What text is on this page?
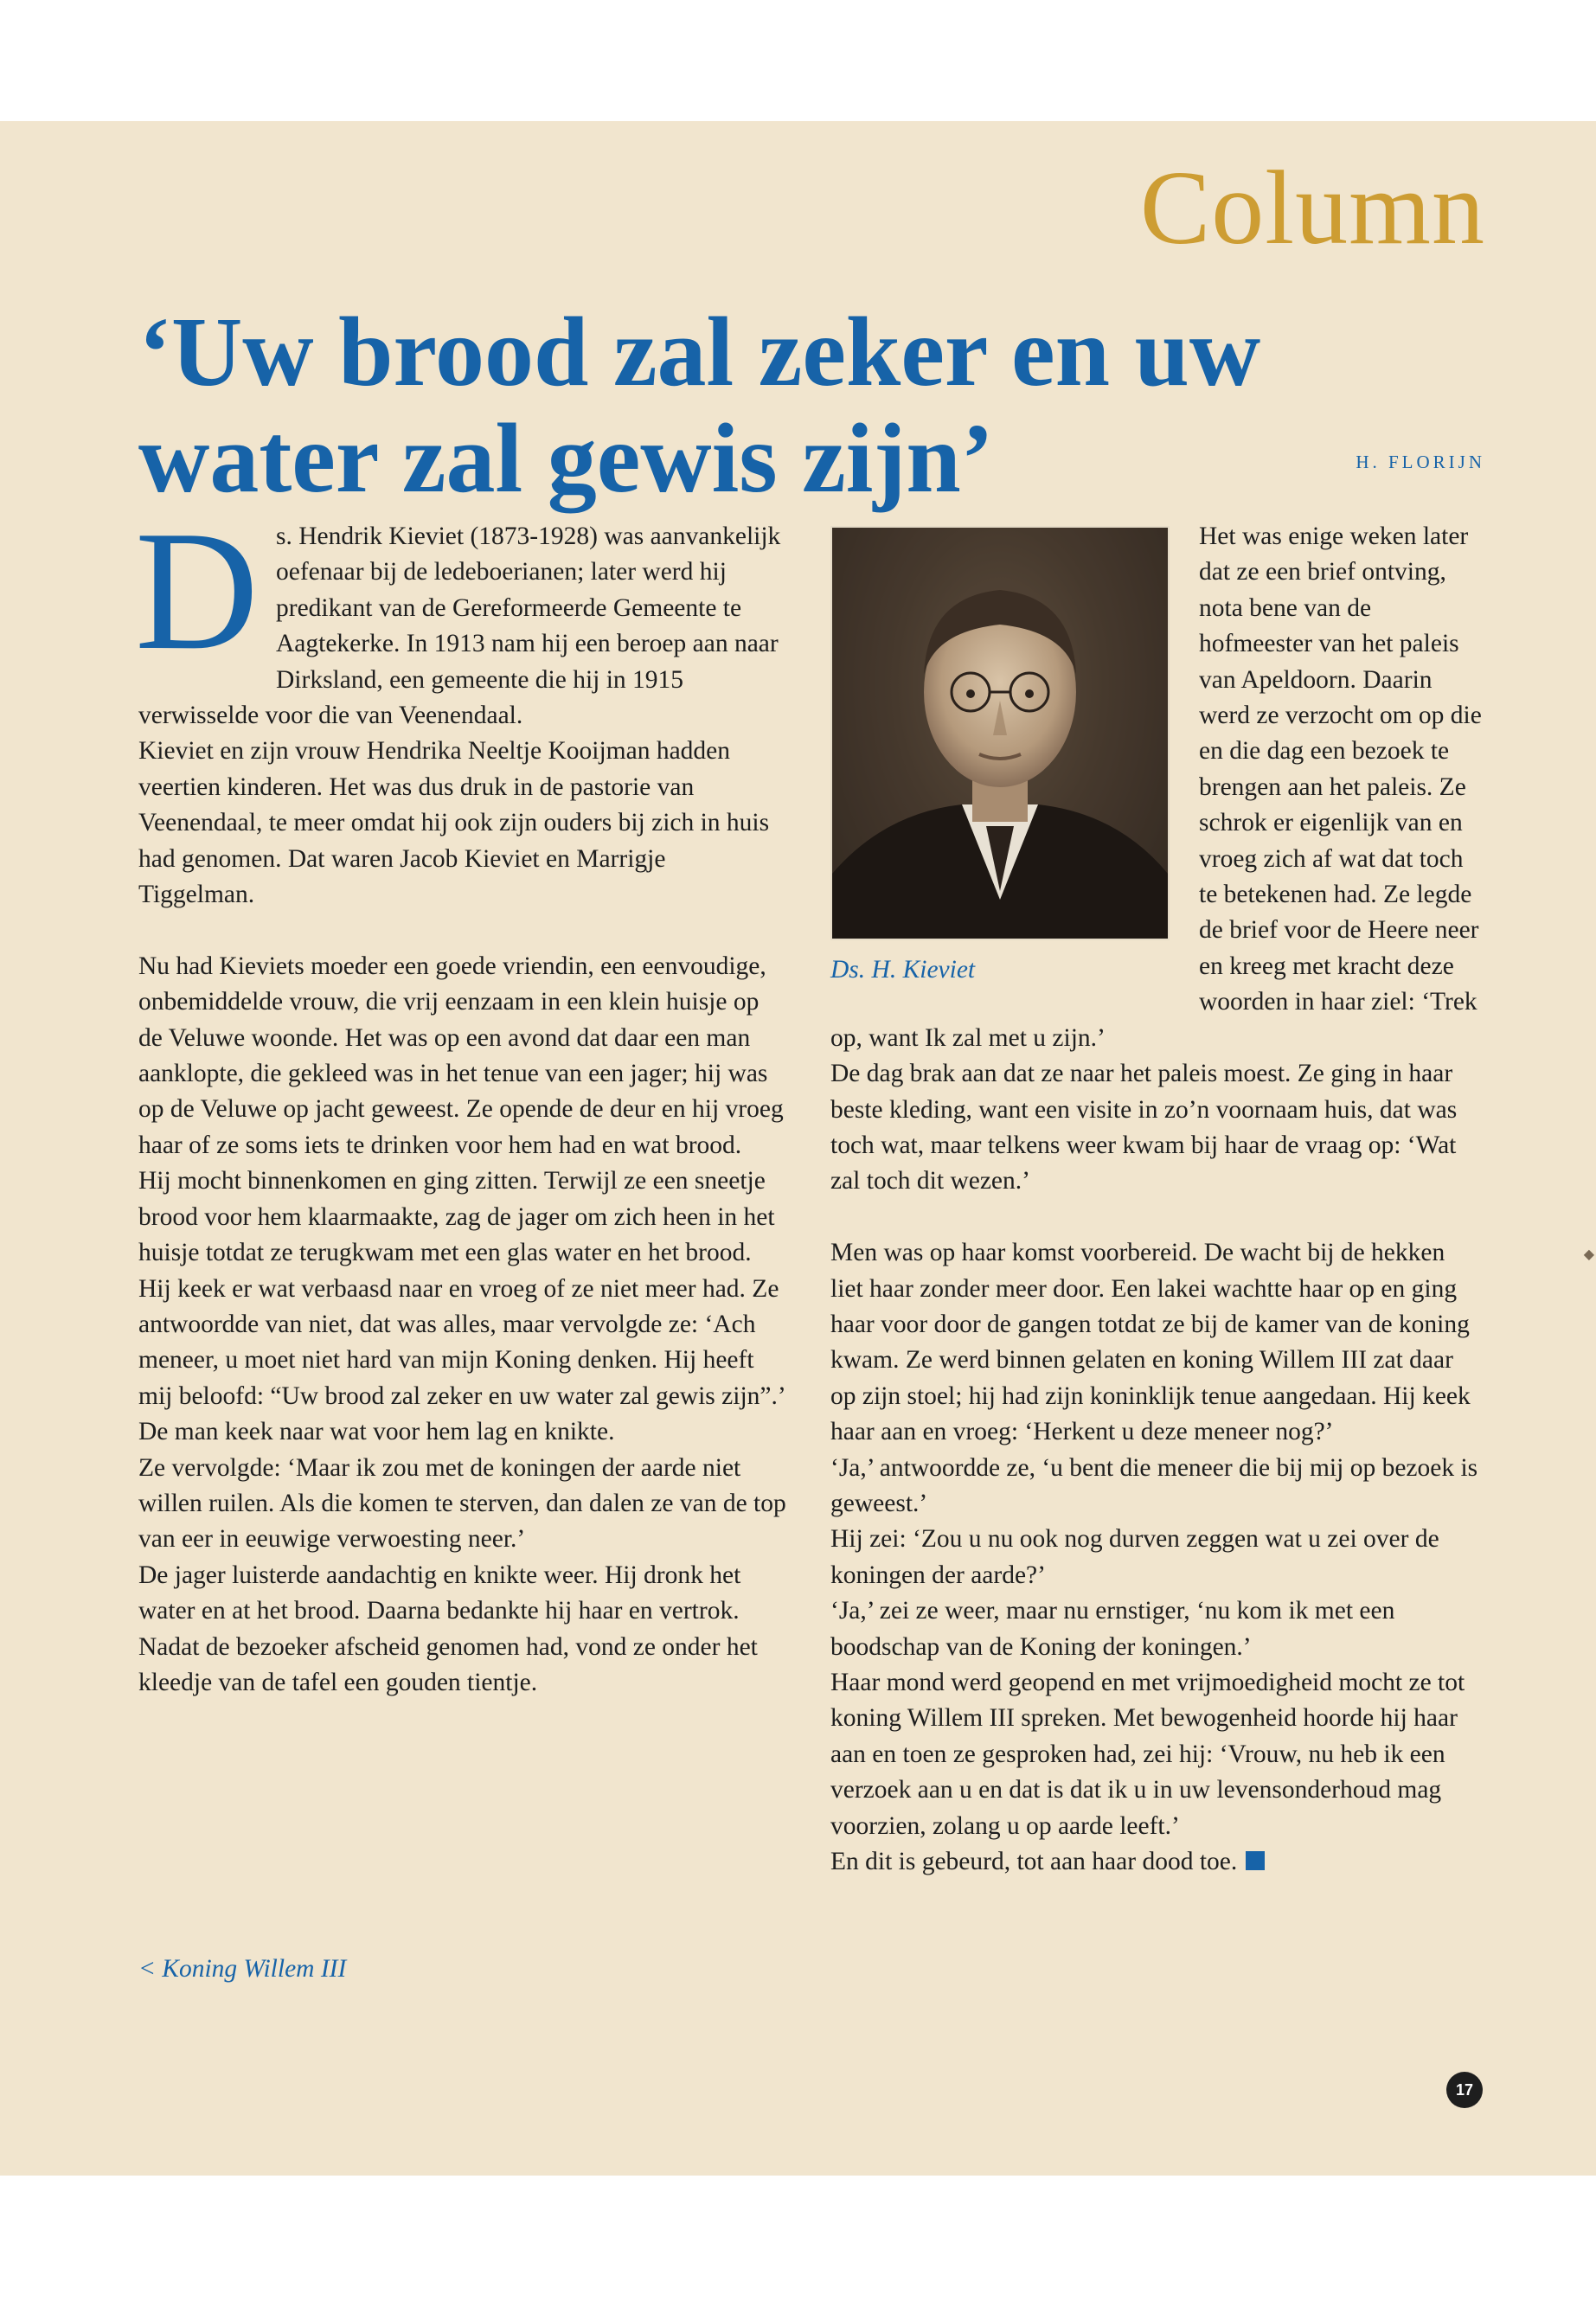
Column
‘Uw brood zal zeker en uw water zal gewis zijn’	H. FLORIJN

Ds. Hendrik Kieviet (1873-1928) was aanvankelijk oefenaar bij de ledeboerianen; later werd hij predikant van de Gereformeerde Gemeente te Aagtekerke. In 1913 nam hij een beroep aan naar Dirksland, een gemeente die hij in 1915 verwisselde voor die van Veenendaal.

Kieviet en zijn vrouw Hendrika Neeltje Kooijman hadden veertien kinderen. Het was dus druk in de pastorie van Veenendaal, te meer omdat hij ook zijn ouders bij zich in huis had genomen. Dat waren Jacob Kieviet en Marrigje Tiggelman.

Nu had Kieviets moeder een goede vriendin, een eenvoudige, onbemiddelde vrouw, die vrij eenzaam in een klein huisje op de Veluwe woonde. Het was op een avond dat daar een man aanklopte, die gekleed was in het tenue van een jager; hij was op de Veluwe op jacht geweest. Ze opende de deur en hij vroeg haar of ze soms iets te drinken voor hem had en wat brood.

Hij mocht binnenkomen en ging zitten. Terwijl ze een sneetje brood voor hem klaarmaakte, zag de jager om zich heen in het huisje totdat ze terugkwam met een glas water en het brood. Hij keek er wat verbaasd naar en vroeg of ze niet meer had. Ze antwoordde van niet, dat was alles, maar vervolgde ze: ‘Ach meneer, u moet niet hard van mijn Koning denken. Hij heeft mij beloofd: “Uw brood zal zeker en uw water zal gewis zijn”.’

De man keek naar wat voor hem lag en knikte.

Ze vervolgde: ‘Maar ik zou met de koningen der aarde niet willen ruilen. Als die komen te sterven, dan dalen ze van de top van eer in eeuwige verwoesting neer.’

De jager luisterde aandachtig en knikte weer. Hij dronk het water en at het brood. Daarna bedankte hij haar en vertrok. Nadat de bezoeker afscheid genomen had, vond ze onder het kleedje van de tafel een gouden tientje.

< Koning Willem III

Ds. H. Kieviet

Het was enige weken later dat ze een brief ontving, nota bene van de hofmeester van het paleis van Apeldoorn. Daarin werd ze verzocht om op die en die dag een bezoek te brengen aan het paleis. Ze schrok er eigenlijk van en vroeg zich af wat dat toch te betekenen had. Ze legde de brief voor de Heere neer en kreeg met kracht deze woorden in haar ziel: ‘Trek op, want Ik zal met u zijn.’

De dag brak aan dat ze naar het paleis moest. Ze ging in haar beste kleding, want een visite in zo’n voornaam huis, dat was toch wat, maar telkens weer kwam bij haar de vraag op: ‘Wat zal toch dit wezen.’

Men was op haar komst voorbereid. De wacht bij de hekken liet haar zonder meer door. Een lakei wachtte haar op en ging haar voor door de gangen totdat ze bij de kamer van de koning kwam. Ze werd binnen gelaten en koning Willem III zat daar op zijn stoel; hij had zijn koninklijk tenue aangedaan. Hij keek haar aan en vroeg: ‘Herkent u deze meneer nog?’

‘Ja,’ antwoordde ze, ‘u bent die meneer die bij mij op bezoek is geweest.’

Hij zei: ‘Zou u nu ook nog durven zeggen wat u zei over de koningen der aarde?’

‘Ja,’ zei ze weer, maar nu ernstiger, ‘nu kom ik met een boodschap van de Koning der koningen.’

Haar mond werd geopend en met vrijmoedigheid mocht ze tot koning Willem III spreken. Met bewogenheid hoorde hij haar aan en toen ze gesproken had, zei hij: ‘Vrouw, nu heb ik een verzoek aan u en dat is dat ik u in uw levensonderhoud mag voorzien, zolang u op aarde leeft.’

En dit is gebeurd, tot aan haar dood toe.

17
◆
